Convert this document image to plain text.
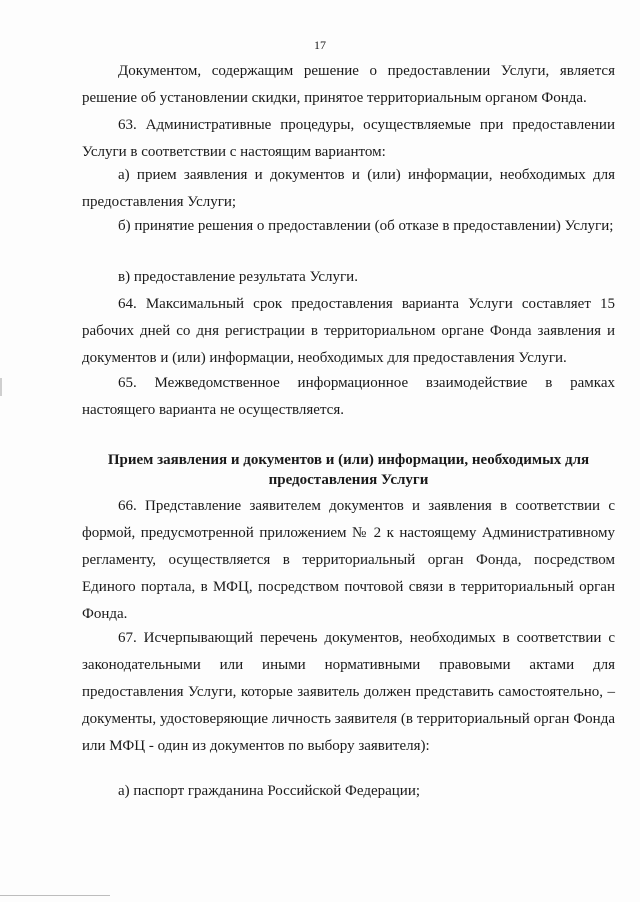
17
Документом, содержащим решение о предоставлении Услуги, является решение об установлении скидки, принятое территориальным органом Фонда.
63. Административные процедуры, осуществляемые при предоставлении Услуги в соответствии с настоящим вариантом:
а) прием заявления и документов и (или) информации, необходимых для предоставления Услуги;
б) принятие решения о предоставлении (об отказе в предоставлении) Услуги;
в) предоставление результата Услуги.
64. Максимальный срок предоставления варианта Услуги составляет 15 рабочих дней со дня регистрации в территориальном органе Фонда заявления и документов и (или) информации, необходимых для предоставления Услуги.
65. Межведомственное информационное взаимодействие в рамках настоящего варианта не осуществляется.
Прием заявления и документов и (или) информации, необходимых для предоставления Услуги
66. Представление заявителем документов и заявления в соответствии с формой, предусмотренной приложением № 2 к настоящему Административному регламенту, осуществляется в территориальный орган Фонда, посредством Единого портала, в МФЦ, посредством почтовой связи в территориальный орган Фонда.
67. Исчерпывающий перечень документов, необходимых в соответствии с законодательными или иными нормативными правовыми актами для предоставления Услуги, которые заявитель должен представить самостоятельно, – документы, удостоверяющие личность заявителя (в территориальный орган Фонда или МФЦ - один из документов по выбору заявителя):
а) паспорт гражданина Российской Федерации;
